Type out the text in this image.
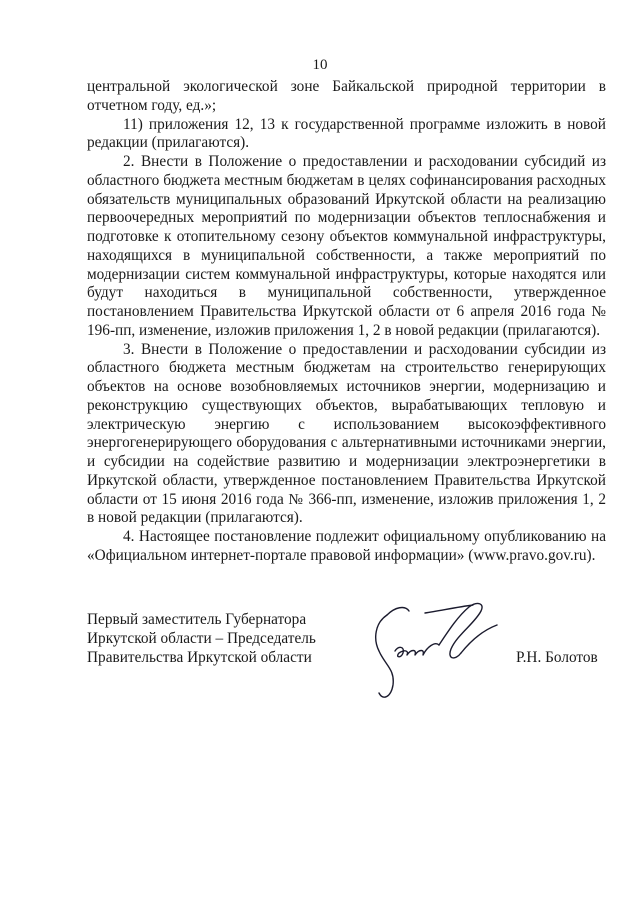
10

центральной экологической зоне Байкальской природной территории в отчетном году, ед.»;

11) приложения 12, 13 к государственной программе изложить в новой редакции (прилагаются).

2. Внести в Положение о предоставлении и расходовании субсидий из областного бюджета местным бюджетам в целях софинансирования расходных обязательств муниципальных образований Иркутской области на реализацию первоочередных мероприятий по модернизации объектов теплоснабжения и подготовке к отопительному сезону объектов коммунальной инфраструктуры, находящихся в муниципальной собственности, а также мероприятий по модернизации систем коммунальной инфраструктуры, которые находятся или будут находиться в муниципальной собственности, утвержденное постановлением Правительства Иркутской области от 6 апреля 2016 года № 196-пп, изменение, изложив приложения 1, 2 в новой редакции (прилагаются).

3. Внести в Положение о предоставлении и расходовании субсидии из областного бюджета местным бюджетам на строительство генерирующих объектов на основе возобновляемых источников энергии, модернизацию и реконструкцию существующих объектов, вырабатывающих тепловую и электрическую энергию с использованием высокоэффективного энергогенерирующего оборудования с альтернативными источниками энергии, и субсидии на содействие развитию и модернизации электроэнергетики в Иркутской области, утвержденное постановлением Правительства Иркутской области от 15 июня 2016 года № 366-пп, изменение, изложив приложения 1, 2 в новой редакции (прилагаются).

4. Настоящее постановление подлежит официальному опубликованию на «Официальном интернет-портале правовой информации» (www.pravo.gov.ru).

Первый заместитель Губернатора
Иркутской области – Председатель
Правительства Иркутской области	Р.Н. Болотов
